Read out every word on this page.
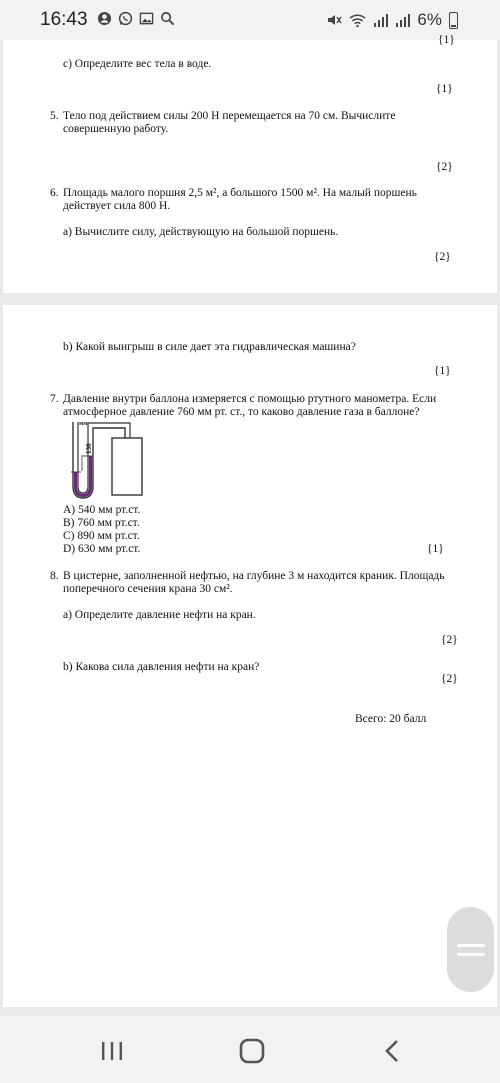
16:43	6%
{1}
c) Определите вес тела в воде.
{1}
5. Тело под действием силы 200 Н перемещается на 70 см. Вычислите
совершенную работу.
{2}
6. Площадь малого поршня 2,5 м², а большого 1500 м². На малый поршень
действует сила 800 Н.
a) Вычислите силу, действующую на большой поршень.
{2}
b) Какой выигрыш в силе дает эта гидравлическая машина?
{1}
7. Давление внутри баллона измеряется с помощью ртутного манометра. Если
атмосферное давление 760 мм рт. ст., то каково давление газа в баллоне?
мм
130
A) 540 мм рт.ст.
B) 760 мм рт.ст.
C) 890 мм рт.ст.
D) 630 мм рт.ст.	{1}
8. В цистерне, заполненной нефтью, на глубине 3 м находится краник. Площадь
поперечного сечения крана 30 см².
a) Определите давление нефти на кран.
{2}
b) Какова сила давления нефти на кран?
{2}
Всего: 20 балл
